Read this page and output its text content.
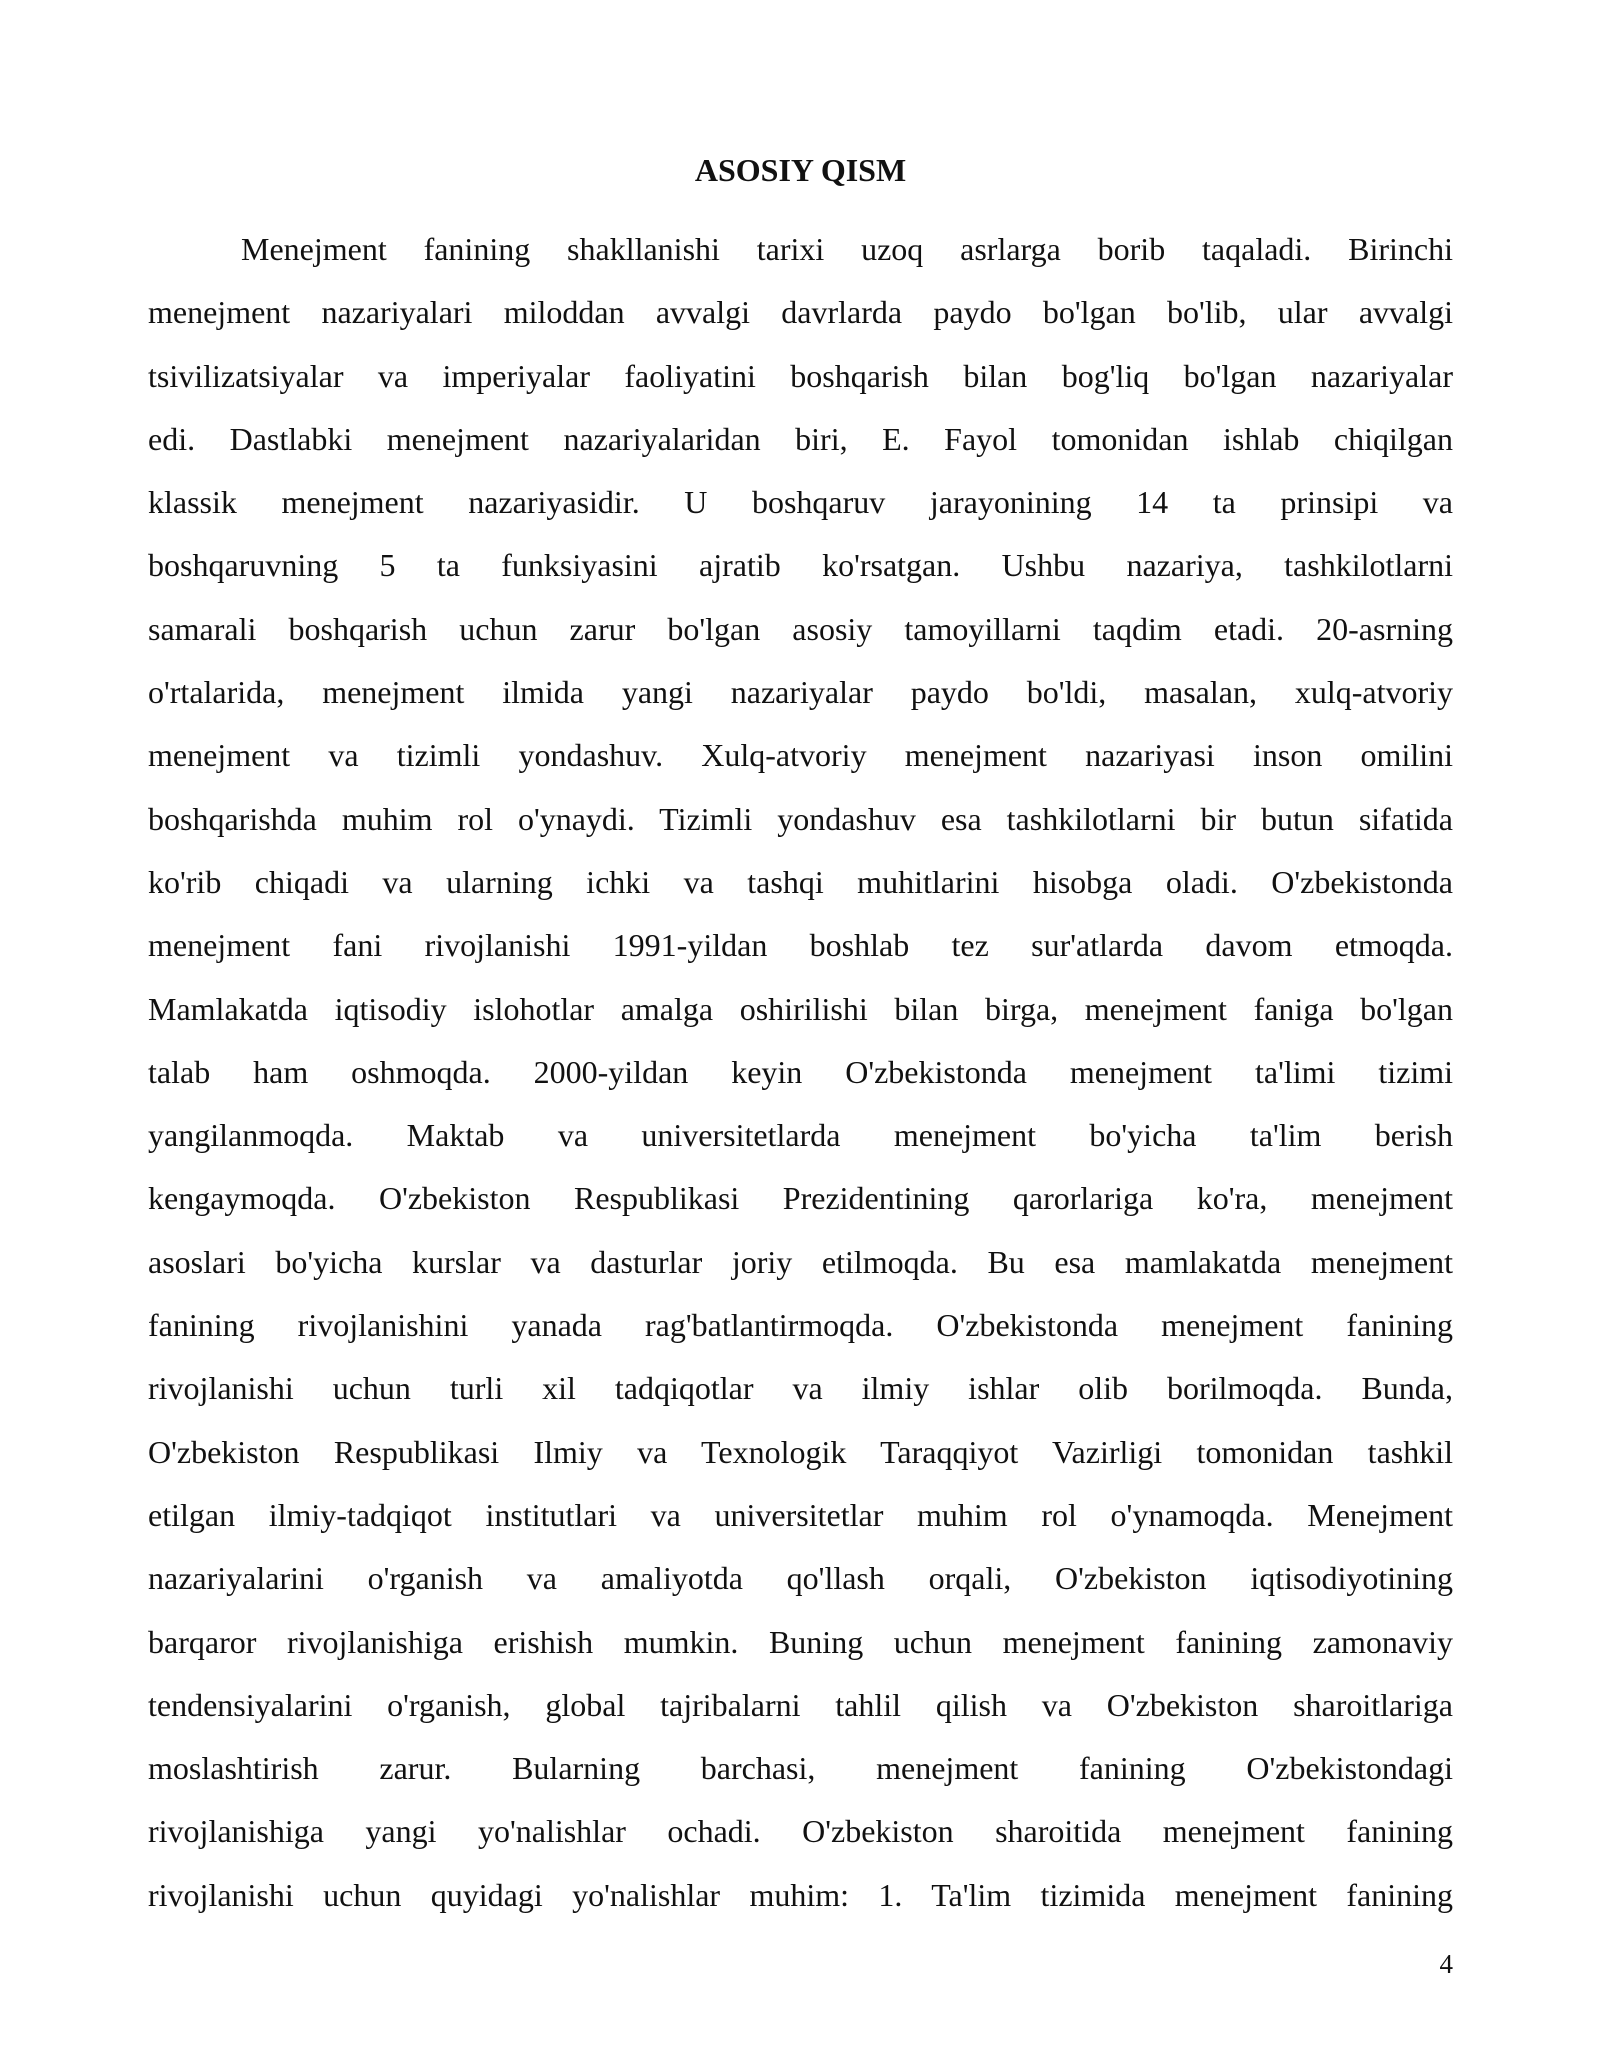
ASOSIY QISM

Menejment fanining shakllanishi tarixi uzoq asrlarga borib taqaladi. Birinchi
menejment nazariyalari miloddan avvalgi davrlarda paydo bo'lgan bo'lib, ular avvalgi
tsivilizatsiyalar va imperiyalar faoliyatini boshqarish bilan bog'liq bo'lgan nazariyalar
edi. Dastlabki menejment nazariyalaridan biri, E. Fayol tomonidan ishlab chiqilgan
klassik menejment nazariyasidir. U boshqaruv jarayonining 14 ta prinsipi va
boshqaruvning 5 ta funksiyasini ajratib ko'rsatgan. Ushbu nazariya, tashkilotlarni
samarali boshqarish uchun zarur bo'lgan asosiy tamoyillarni taqdim etadi. 20-asrning
o'rtalarida, menejment ilmida yangi nazariyalar paydo bo'ldi, masalan, xulq-atvoriy
menejment va tizimli yondashuv. Xulq-atvoriy menejment nazariyasi inson omilini
boshqarishda muhim rol o'ynaydi. Tizimli yondashuv esa tashkilotlarni bir butun sifatida
ko'rib chiqadi va ularning ichki va tashqi muhitlarini hisobga oladi. O'zbekistonda
menejment fani rivojlanishi 1991-yildan boshlab tez sur'atlarda davom etmoqda.
Mamlakatda iqtisodiy islohotlar amalga oshirilishi bilan birga, menejment faniga bo'lgan
talab ham oshmoqda. 2000-yildan keyin O'zbekistonda menejment ta'limi tizimi
yangilanmoqda. Maktab va universitetlarda menejment bo'yicha ta'lim berish
kengaymoqda. O'zbekiston Respublikasi Prezidentining qarorlariga ko'ra, menejment
asoslari bo'yicha kurslar va dasturlar joriy etilmoqda. Bu esa mamlakatda menejment
fanining rivojlanishini yanada rag'batlantirmoqda. O'zbekistonda menejment fanining
rivojlanishi uchun turli xil tadqiqotlar va ilmiy ishlar olib borilmoqda. Bunda,
O'zbekiston Respublikasi Ilmiy va Texnologik Taraqqiyot Vazirligi tomonidan tashkil
etilgan ilmiy-tadqiqot institutlari va universitetlar muhim rol o'ynamoqda. Menejment
nazariyalarini o'rganish va amaliyotda qo'llash orqali, O'zbekiston iqtisodiyotining
barqaror rivojlanishiga erishish mumkin. Buning uchun menejment fanining zamonaviy
tendensiyalarini o'rganish, global tajribalarni tahlil qilish va O'zbekiston sharoitlariga
moslashtirish zarur. Bularning barchasi, menejment fanining O'zbekistondagi
rivojlanishiga yangi yo'nalishlar ochadi. O'zbekiston sharoitida menejment fanining
rivojlanishi uchun quyidagi yo'nalishlar muhim: 1. Ta'lim tizimida menejment fanining

4
